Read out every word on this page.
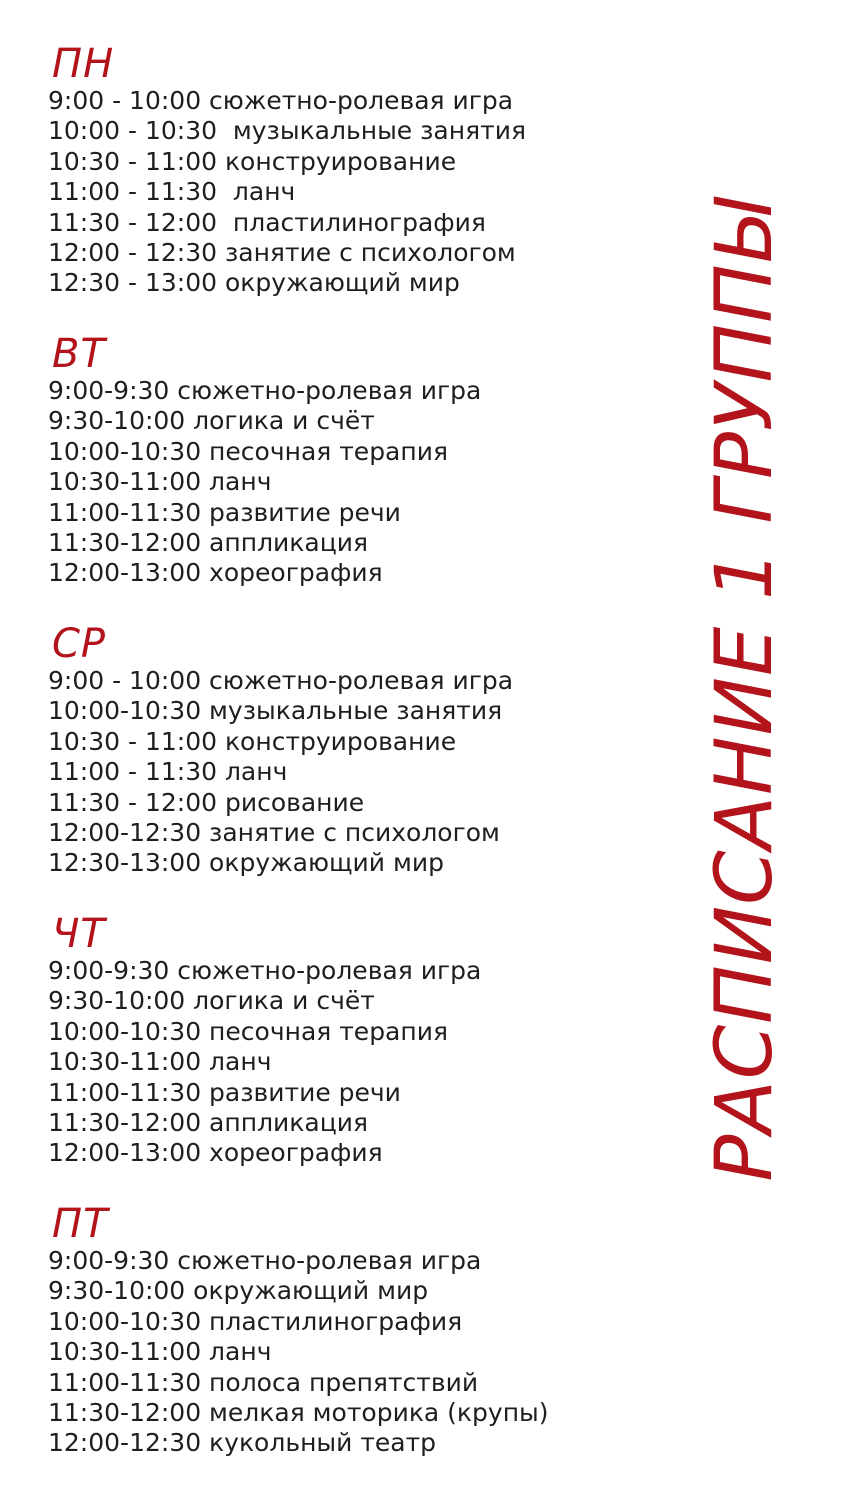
ПН
9:00 - 10:00 сюжетно-ролевая игра
10:00 - 10:30  музыкальные занятия
10:30 - 11:00 конструирование
11:00 - 11:30  ланч
11:30 - 12:00  пластилинография
12:00 - 12:30 занятие с психологом
12:30 - 13:00 окружающий мир
ВТ
9:00-9:30 сюжетно-ролевая игра
9:30-10:00 логика и счёт
10:00-10:30 песочная терапия
10:30-11:00 ланч
11:00-11:30 развитие речи
11:30-12:00 аппликация
12:00-13:00 хореография
СР
9:00 - 10:00 сюжетно-ролевая игра
10:00-10:30 музыкальные занятия
10:30 - 11:00 конструирование
11:00 - 11:30 ланч
11:30 - 12:00 рисование
12:00-12:30 занятие с психологом
12:30-13:00 окружающий мир
ЧТ
9:00-9:30 сюжетно-ролевая игра
9:30-10:00 логика и счёт
10:00-10:30 песочная терапия
10:30-11:00 ланч
11:00-11:30 развитие речи
11:30-12:00 аппликация
12:00-13:00 хореография
ПТ
9:00-9:30 сюжетно-ролевая игра
9:30-10:00 окружающий мир
10:00-10:30 пластилинография
10:30-11:00 ланч
11:00-11:30 полоса препятствий
11:30-12:00 мелкая моторика (крупы)
12:00-12:30 кукольный театр
РАСПИСАНИЕ 1 ГРУППЫ
